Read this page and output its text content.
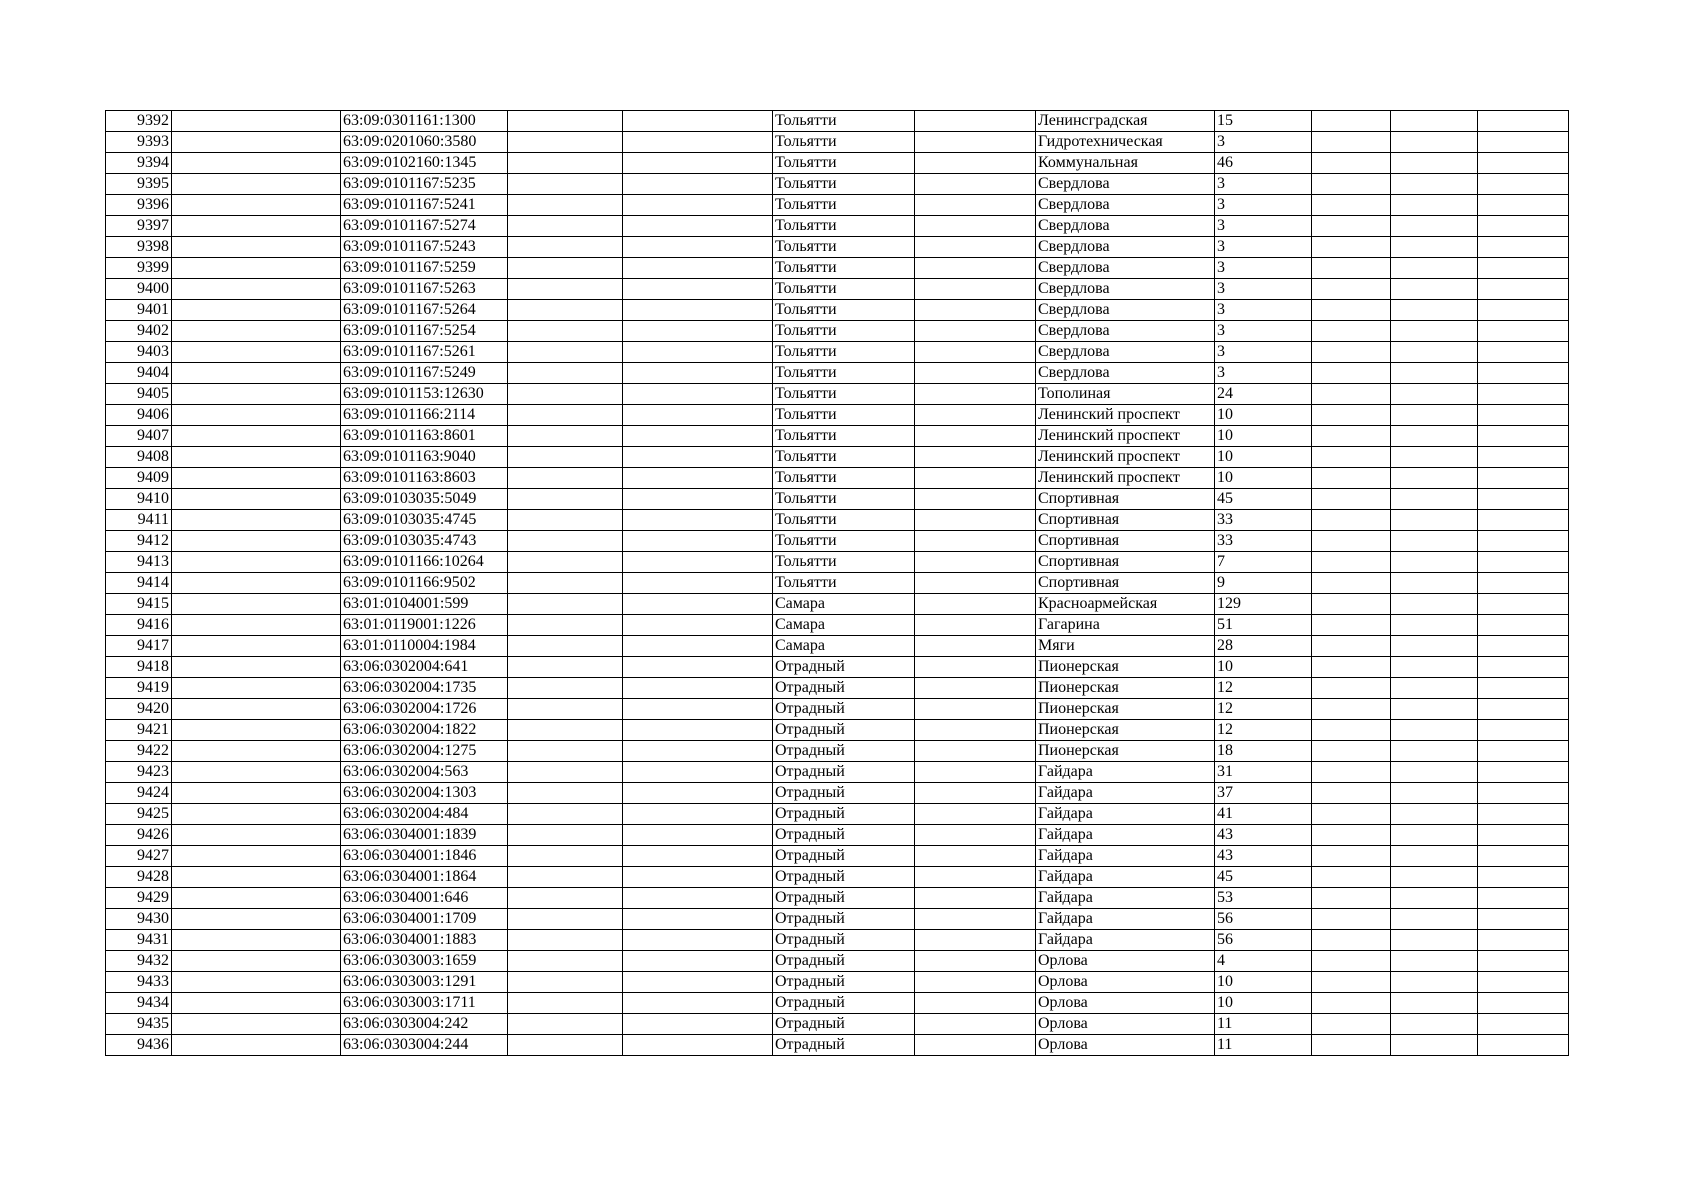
9392		63:09:0301161:1300			Тольятти		Ленинсградская	15			
9393		63:09:0201060:3580			Тольятти		Гидротехническая	3			
9394		63:09:0102160:1345			Тольятти		Коммунальная	46			
9395		63:09:0101167:5235			Тольятти		Свердлова	3			
9396		63:09:0101167:5241			Тольятти		Свердлова	3			
9397		63:09:0101167:5274			Тольятти		Свердлова	3			
9398		63:09:0101167:5243			Тольятти		Свердлова	3			
9399		63:09:0101167:5259			Тольятти		Свердлова	3			
9400		63:09:0101167:5263			Тольятти		Свердлова	3			
9401		63:09:0101167:5264			Тольятти		Свердлова	3			
9402		63:09:0101167:5254			Тольятти		Свердлова	3			
9403		63:09:0101167:5261			Тольятти		Свердлова	3			
9404		63:09:0101167:5249			Тольятти		Свердлова	3			
9405		63:09:0101153:12630			Тольятти		Тополиная	24			
9406		63:09:0101166:2114			Тольятти		Ленинский проспект	10			
9407		63:09:0101163:8601			Тольятти		Ленинский проспект	10			
9408		63:09:0101163:9040			Тольятти		Ленинский проспект	10			
9409		63:09:0101163:8603			Тольятти		Ленинский проспект	10			
9410		63:09:0103035:5049			Тольятти		Спортивная	45			
9411		63:09:0103035:4745			Тольятти		Спортивная	33			
9412		63:09:0103035:4743			Тольятти		Спортивная	33			
9413		63:09:0101166:10264			Тольятти		Спортивная	7			
9414		63:09:0101166:9502			Тольятти		Спортивная	9			
9415		63:01:0104001:599			Самара		Красноармейская	129			
9416		63:01:0119001:1226			Самара		Гагарина	51			
9417		63:01:0110004:1984			Самара		Мяги	28			
9418		63:06:0302004:641			Отрадный		Пионерская	10			
9419		63:06:0302004:1735			Отрадный		Пионерская	12			
9420		63:06:0302004:1726			Отрадный		Пионерская	12			
9421		63:06:0302004:1822			Отрадный		Пионерская	12			
9422		63:06:0302004:1275			Отрадный		Пионерская	18			
9423		63:06:0302004:563			Отрадный		Гайдара	31			
9424		63:06:0302004:1303			Отрадный		Гайдара	37			
9425		63:06:0302004:484			Отрадный		Гайдара	41			
9426		63:06:0304001:1839			Отрадный		Гайдара	43			
9427		63:06:0304001:1846			Отрадный		Гайдара	43			
9428		63:06:0304001:1864			Отрадный		Гайдара	45			
9429		63:06:0304001:646			Отрадный		Гайдара	53			
9430		63:06:0304001:1709			Отрадный		Гайдара	56			
9431		63:06:0304001:1883			Отрадный		Гайдара	56			
9432		63:06:0303003:1659			Отрадный		Орлова	4			
9433		63:06:0303003:1291			Отрадный		Орлова	10			
9434		63:06:0303003:1711			Отрадный		Орлова	10			
9435		63:06:0303004:242			Отрадный		Орлова	11			
9436		63:06:0303004:244			Отрадный		Орлова	11			
